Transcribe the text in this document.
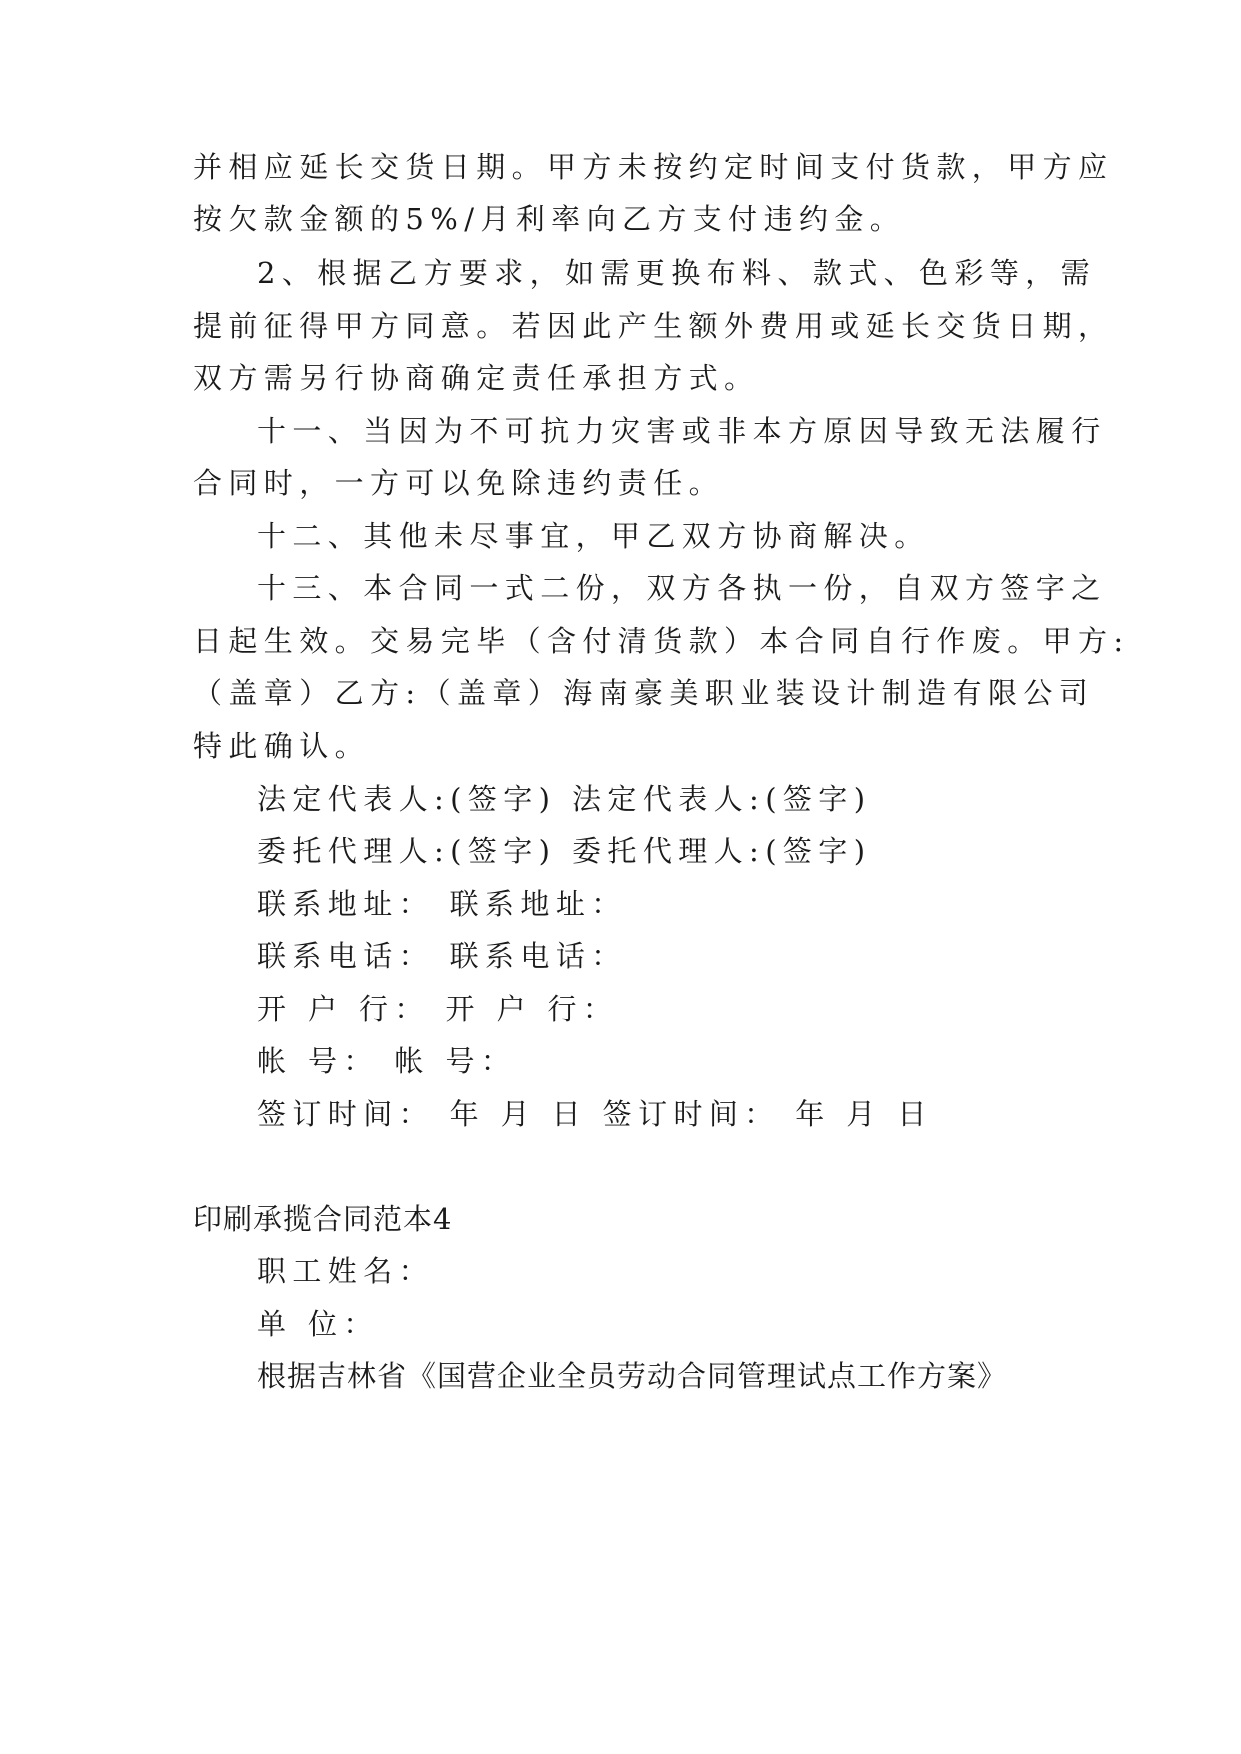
并相应延长交货日期。甲方未按约定时间支付货款，甲方应
按欠款金额的5%/月利率向乙方支付违约金。
2、根据乙方要求，如需更换布料、款式、色彩等，需
提前征得甲方同意。若因此产生额外费用或延长交货日期，
双方需另行协商确定责任承担方式。
十一、当因为不可抗力灾害或非本方原因导致无法履行
合同时，一方可以免除违约责任。
十二、其他未尽事宜，甲乙双方协商解决。
十三、本合同一式二份，双方各执一份，自双方签字之
日起生效。交易完毕（含付清货款）本合同自行作废。甲方:
（盖章）乙方:（盖章）海南豪美职业装设计制造有限公司
特此确认。
法定代表人:(签字) 法定代表人:(签字)
委托代理人:(签字) 委托代理人:(签字)
联系地址： 联系地址：
联系电话： 联系电话：
开 户 行： 开 户 行：
帐 号： 帐 号：
签订时间： 年 月 日 签订时间： 年 月 日
印刷承揽合同范本4
职工姓名：
单 位：
根据吉林省《国营企业全员劳动合同管理试点工作方案》
